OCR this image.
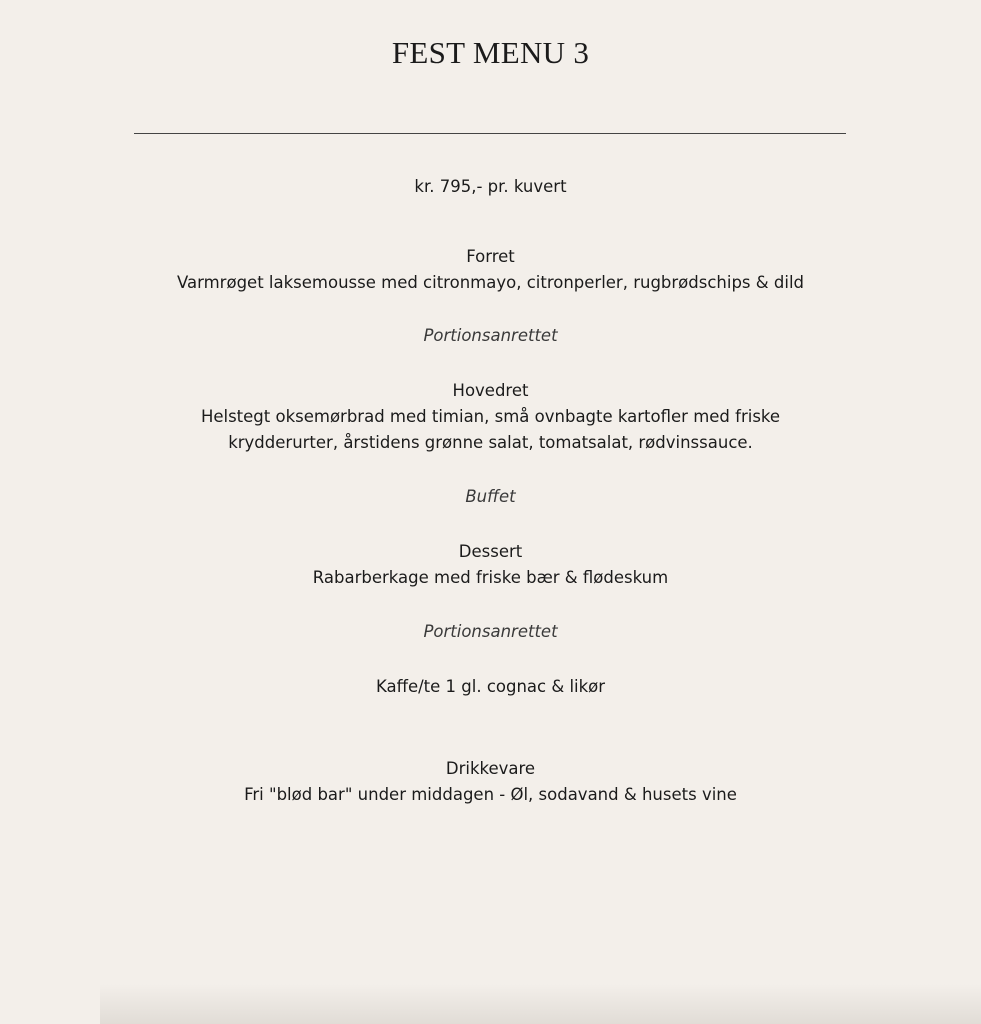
FEST MENU 3
kr. 795,- pr. kuvert
Forret
Varmrøget laksemousse med citronmayo, citronperler, rugbrødschips & dild
Portionsanrettet
Hovedret
Helstegt oksemørbrad med timian, små ovnbagte kartofler med friske
krydderurter, årstidens grønne salat, tomatsalat, rødvinssauce.
Buffet
Dessert
Rabarberkage med friske bær & flødeskum
Portionsanrettet
Kaffe/te 1 gl. cognac & likør
Drikkevare
Fri "blød bar" under middagen - Øl, sodavand & husets vine
